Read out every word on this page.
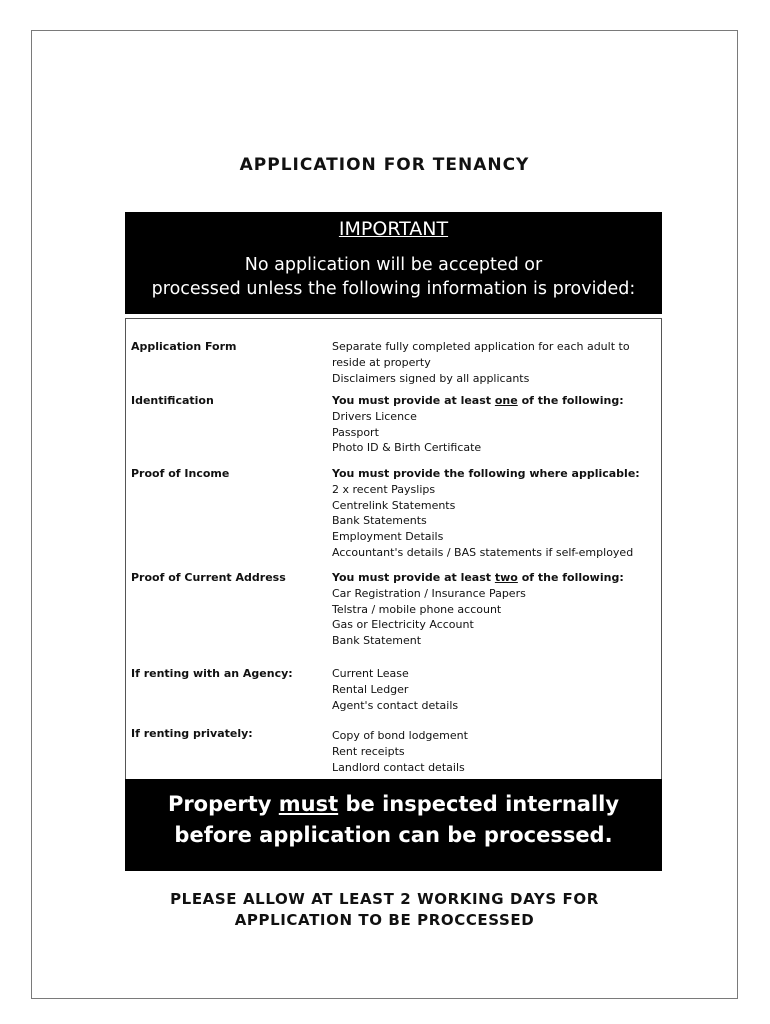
APPLICATION FOR TENANCY
IMPORTANT
No application will be accepted or
processed unless the following information is provided:
Application Form	Separate fully completed application for each adult to
reside at property
Disclaimers signed by all applicants
Identification	You must provide at least one of the following:
Drivers Licence
Passport
Photo ID & Birth Certificate
Proof of Income	You must provide the following where applicable:
2 x recent Payslips
Centrelink Statements
Bank Statements
Employment Details
Accountant's details / BAS statements if self-employed
Proof of Current Address	You must provide at least two of the following:
Car Registration / Insurance Papers
Telstra / mobile phone account
Gas or Electricity Account
Bank Statement
If renting with an Agency:	Current Lease
Rental Ledger
Agent's contact details
If renting privately:	Copy of bond lodgement
Rent receipts
Landlord contact details
Property must be inspected internally
before application can be processed.
PLEASE ALLOW AT LEAST 2 WORKING DAYS FOR
APPLICATION TO BE PROCCESSED
